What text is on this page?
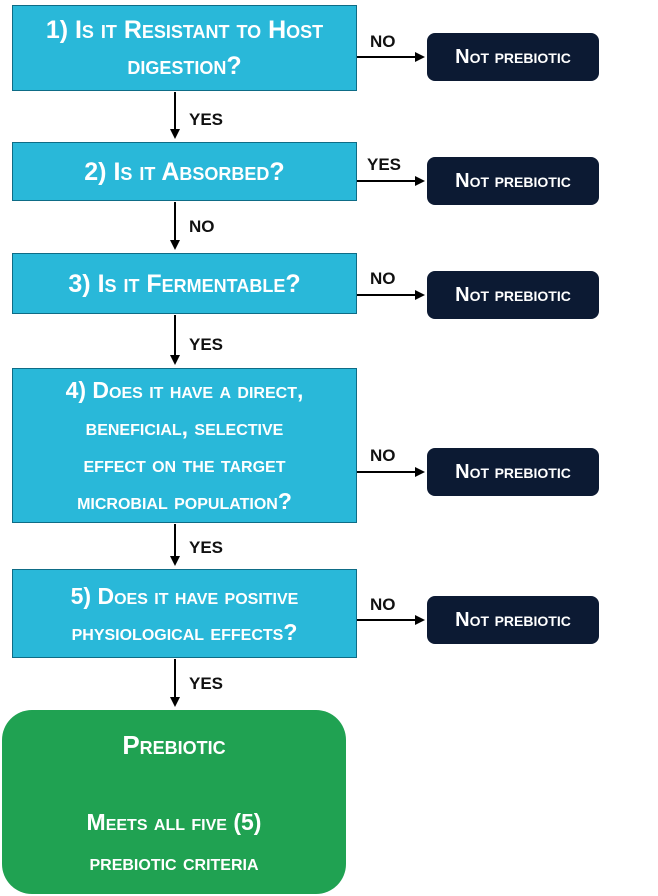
1) Is it Resistant to Host
digestion?
2) Is it Absorbed?
3) Is it Fermentable?
4) Does it have a direct,
beneficial, selective
effect on the target
microbial population?
5) Does it have positive
physiological effects?
Not prebiotic
Not prebiotic
Not prebiotic
Not prebiotic
Not prebiotic
NO
YES
NO
NO
NO
YES
NO
YES
YES
YES
Prebiotic
Meets all five (5)
prebiotic criteria
